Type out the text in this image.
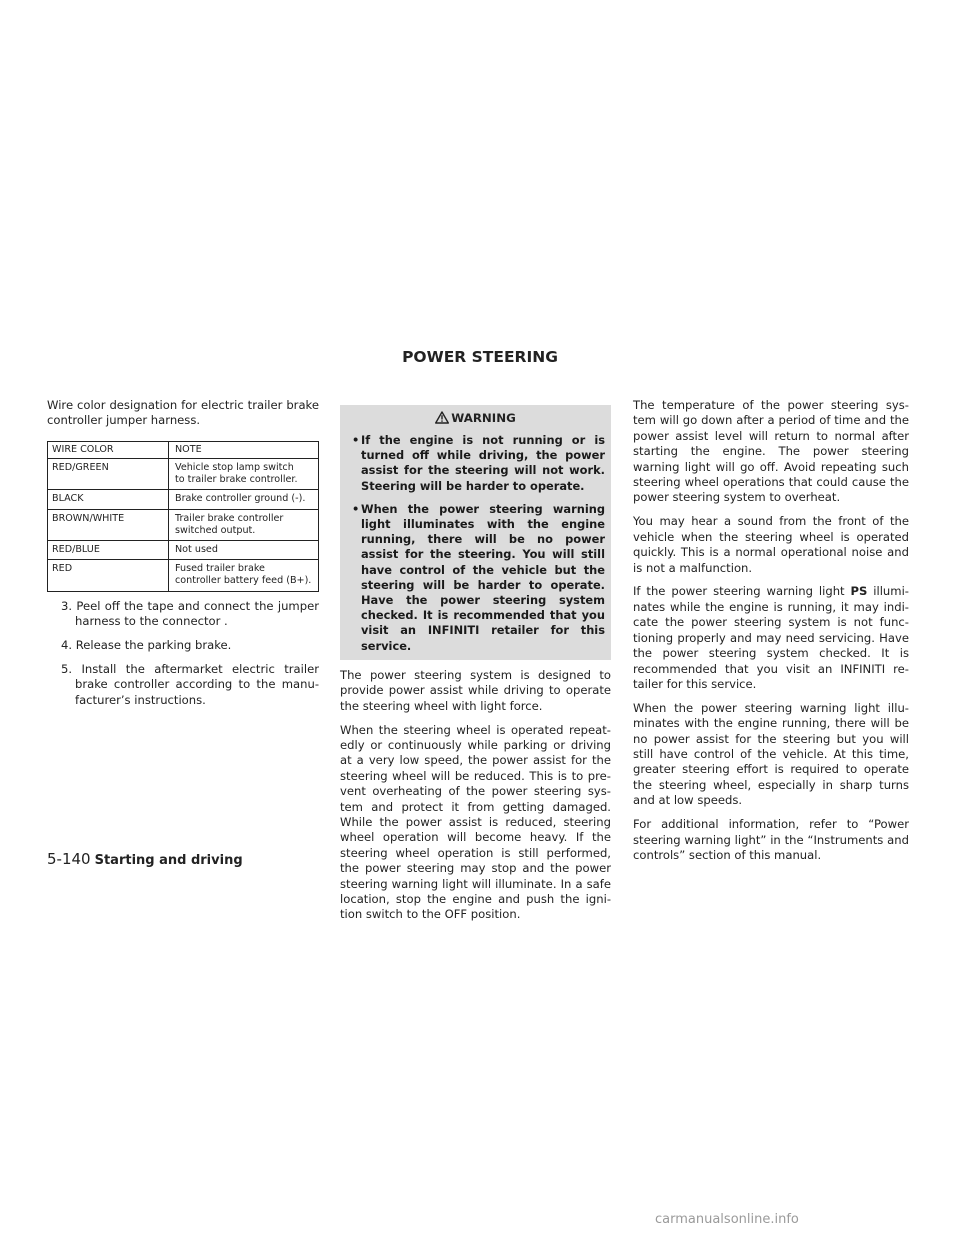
POWER STEERING

Wire color designation for electric trailer brake controller jumper harness.

WIRE COLOR	NOTE
RED/GREEN	Vehicle stop lamp switch
to trailer brake controller.

BLACK	Brake controller ground (-).

BROWN/WHITE	Trailer brake controller
switched output.

RED/BLUE	Not used

RED	Fused trailer brake
controller battery feed (B+).
3. Peel off the tape and connect the jumper harness to the connector .
4. Release the parking brake.
5. Install the aftermarket electric trailer brake controller according to the manu- facturer’s instructions.
WARNING
• If the engine is not running or is turned off while driving, the power assist for the steering will not work. Steering will be harder to operate.
• When the power steering warning light illuminates with the engine running, there will be no power assist for the steering. You will still have control of the vehicle but the steering will be harder to operate. Have the power steering system checked. It is recommended that you visit an INFINITI retailer for this service.

The power steering system is designed to provide power assist while driving to operate the steering wheel with light force.

When the steering wheel is operated repeat- edly or continuously while parking or driving at a very low speed, the power assist for the steering wheel will be reduced. This is to pre- vent overheating of the power steering sys- tem and protect it from getting damaged. While the power assist is reduced, steering wheel operation will become heavy. If the steering wheel operation is still performed, the power steering may stop and the power steering warning light will illuminate. In a safe location, stop the engine and push the igni- tion switch to the OFF position.

The temperature of the power steering sys- tem will go down after a period of time and the power assist level will return to normal after starting the engine. The power steering warning light will go off. Avoid repeating such steering wheel operations that could cause the power steering system to overheat.

You may hear a sound from the front of the vehicle when the steering wheel is operated quickly. This is a normal operational noise and is not a malfunction.

If the power steering warning light PS illumi- nates while the engine is running, it may indi- cate the power steering system is not func- tioning properly and may need servicing. Have the power steering system checked. It is recommended that you visit an INFINITI re- tailer for this service.

When the power steering warning light illu- minates with the engine running, there will be no power assist for the steering but you will still have control of the vehicle. At this time, greater steering effort is required to operate the steering wheel, especially in sharp turns and at low speeds.

For additional information, refer to “Power steering warning light” in the “Instruments and controls” section of this manual.

5-140 Starting and driving
carmanualsonline.info
